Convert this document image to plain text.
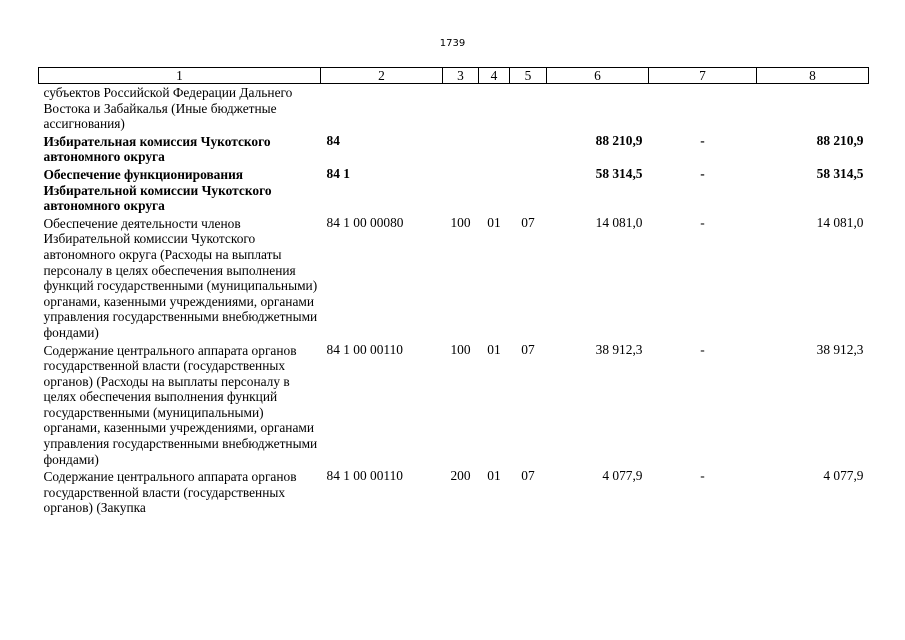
1739
1	2	3	4	5	6	7	8
субъектов Российской Федерации Дальнего Востока и Забайкалья (Иные бюджетные ассигнования)							
Избирательная комиссия Чукотского автономного округа	84				88 210,9	-	88 210,9
Обеспечение функционирования Избирательной комиссии Чукотского автономного округа	84 1				58 314,5	-	58 314,5
Обеспечение деятельности членов Избирательной комиссии Чукотского автономного округа (Расходы на выплаты персоналу в целях обеспечения выполнения функций государственными (муниципальными) органами, казенными учреждениями, органами управления государственными внебюджетными фондами)	84 1 00 00080	100	01	07	14 081,0	-	14 081,0
Содержание центрального аппарата органов государственной власти (государственных органов) (Расходы на выплаты персоналу в целях обеспечения выполнения функций государственными (муниципальными) органами, казенными учреждениями, органами управления государственными внебюджетными фондами)	84 1 00 00110	100	01	07	38 912,3	-	38 912,3
Содержание центрального аппарата органов государственной власти (государственных органов) (Закупка	84 1 00 00110	200	01	07	4 077,9	-	4 077,9
